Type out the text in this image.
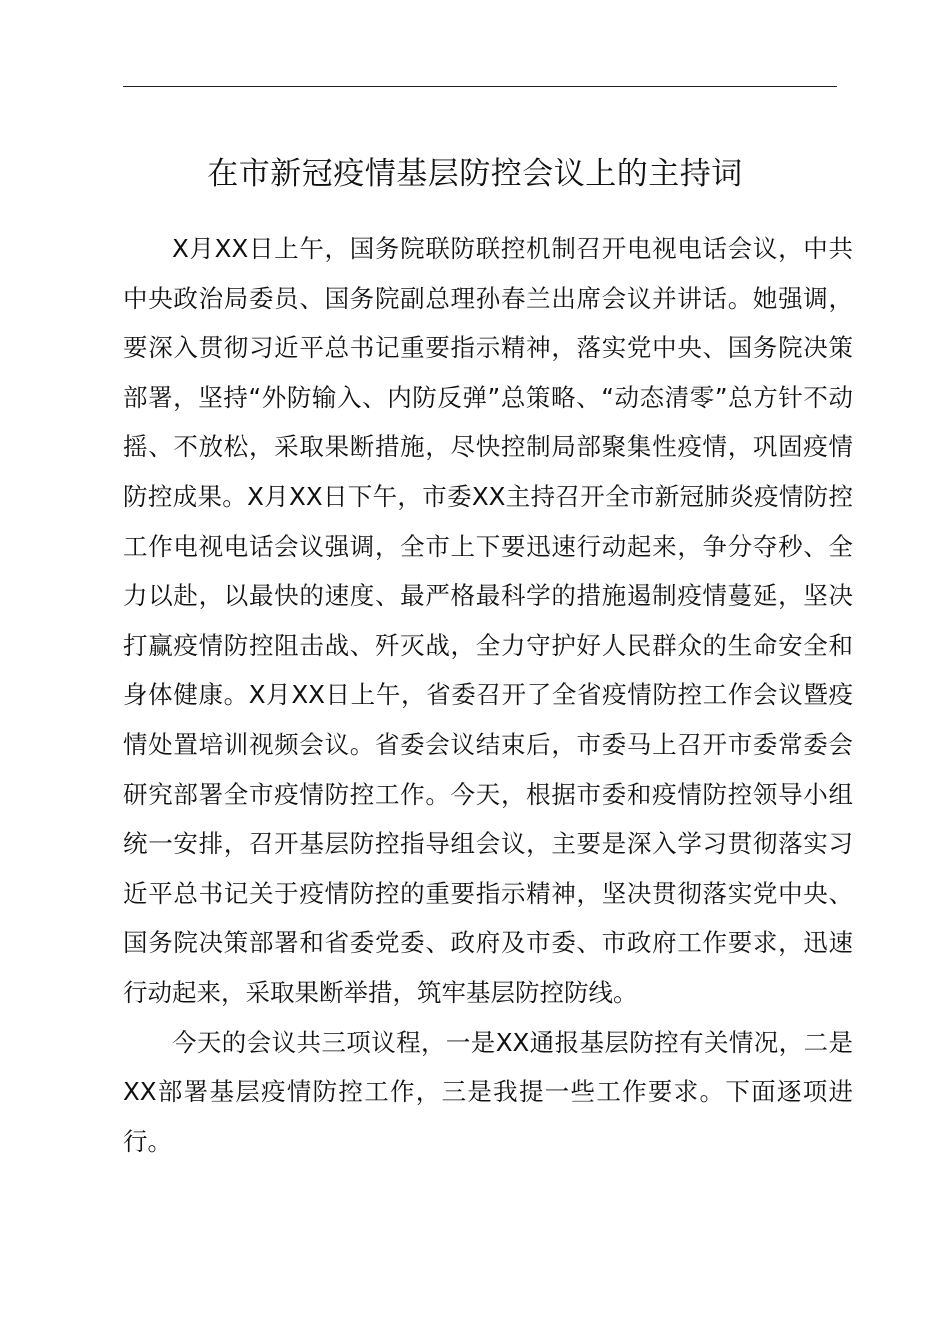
在市新冠疫情基层防控会议上的主持词

X月XX日上午，国务院联防联控机制召开电视电话会议，中共中央政治局委员、国务院副总理孙春兰出席会议并讲话。她强调，要深入贯彻习近平总书记重要指示精神，落实党中央、国务院决策部署，坚持“外防输入、内防反弹”总策略、“动态清零”总方针不动摇、不放松，采取果断措施，尽快控制局部聚集性疫情，巩固疫情防控成果。X月XX日下午，市委XX主持召开全市新冠肺炎疫情防控工作电视电话会议强调，全市上下要迅速行动起来，争分夺秒、全力以赴，以最快的速度、最严格最科学的措施遏制疫情蔓延，坚决打赢疫情防控阻击战、歼灭战，全力守护好人民群众的生命安全和身体健康。X月XX日上午，省委召开了全省疫情防控工作会议暨疫情处置培训视频会议。省委会议结束后，市委马上召开市委常委会研究部署全市疫情防控工作。今天，根据市委和疫情防控领导小组统一安排，召开基层防控指导组会议，主要是深入学习贯彻落实习近平总书记关于疫情防控的重要指示精神，坚决贯彻落实党中央、国务院决策部署和省委党委、政府及市委、市政府工作要求，迅速行动起来，采取果断举措，筑牢基层防控防线。

今天的会议共三项议程，一是XX通报基层防控有关情况，二是XX部署基层疫情防控工作，三是我提一些工作要求。下面逐项进行。
